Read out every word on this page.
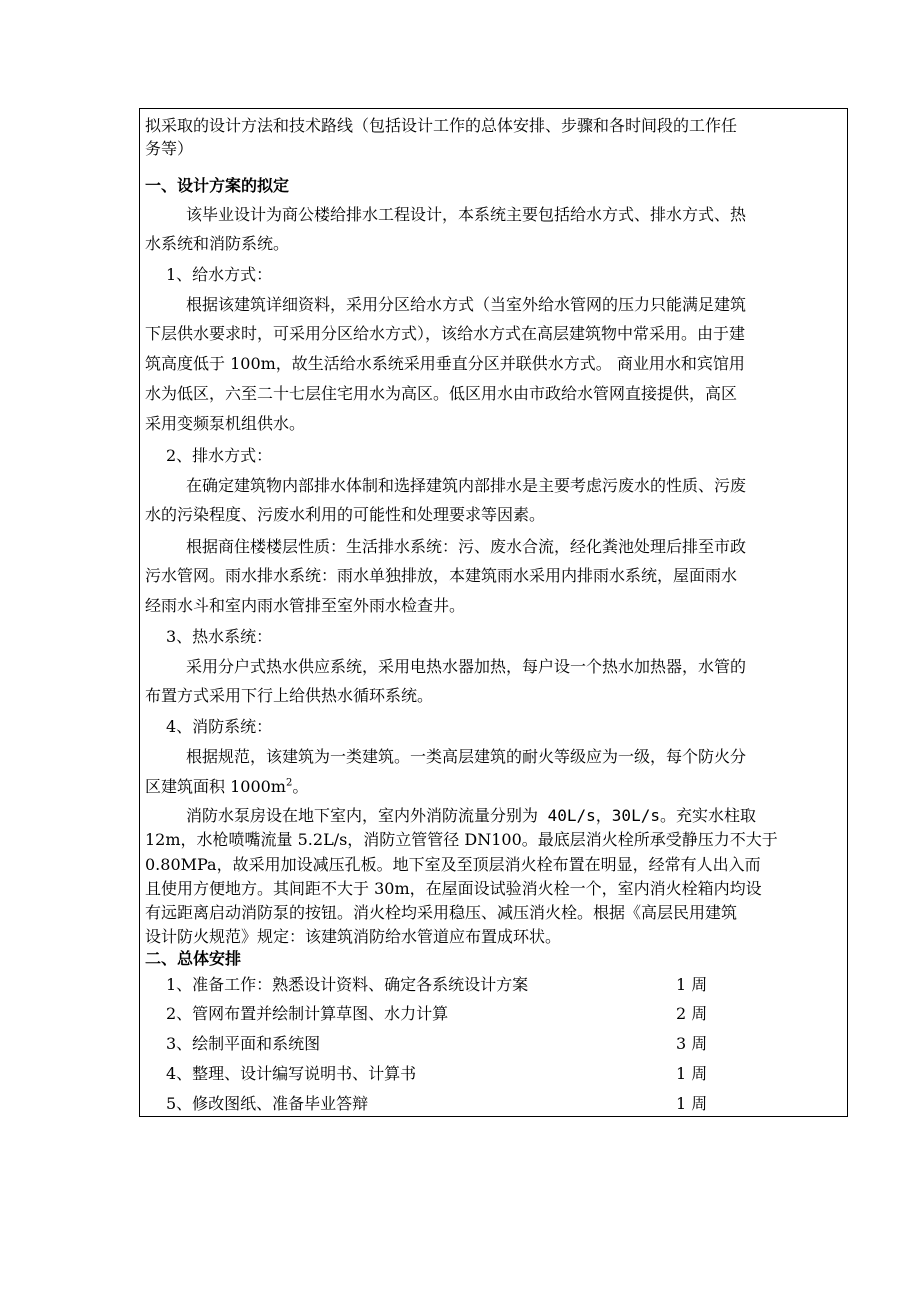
拟采取的设计方法和技术路线（包括设计工作的总体安排、步骤和各时间段的工作任
务等）
一、设计方案的拟定
该毕业设计为商公楼给排水工程设计，本系统主要包括给水方式、排水方式、热
水系统和消防系统。
1、给水方式：
根据该建筑详细资料，采用分区给水方式（当室外给水管网的压力只能满足建筑
下层供水要求时，可采用分区给水方式），该给水方式在高层建筑物中常采用。由于建
筑高度低于 100m，故生活给水系统采用垂直分区并联供水方式。 商业用水和宾馆用
水为低区，六至二十七层住宅用水为高区。低区用水由市政给水管网直接提供，高区
采用变频泵机组供水。
2、排水方式：
在确定建筑物内部排水体制和选择建筑内部排水是主要考虑污废水的性质、污废
水的污染程度、污废水利用的可能性和处理要求等因素。
根据商住楼楼层性质：生活排水系统：污、废水合流，经化粪池处理后排至市政
污水管网。雨水排水系统：雨水单独排放，本建筑雨水采用内排雨水系统，屋面雨水
经雨水斗和室内雨水管排至室外雨水检查井。
3、热水系统：
采用分户式热水供应系统，采用电热水器加热，每户设一个热水加热器，水管的
布置方式采用下行上给供热水循环系统。
4、消防系统：
根据规范，该建筑为一类建筑。一类高层建筑的耐火等级应为一级，每个防火分
区建筑面积 $1000m^2$。
消防水泵房设在地下室内，室内外消防流量分别为 40L/s，30L/s。充实水柱取
12m，水枪喷嘴流量 5.2L/s，消防立管管径 DN100。最底层消火栓所承受静压力不大于
0.80MPa，故采用加设减压孔板。地下室及至顶层消火栓布置在明显，经常有人出入而
且使用方便地方。其间距不大于 30m，在屋面设试验消火栓一个，室内消火栓箱内均设
有远距离启动消防泵的按钮。消火栓均采用稳压、减压消火栓。根据《高层民用建筑
设计防火规范》规定：该建筑消防给水管道应布置成环状。
二、总体安排
1、准备工作：熟悉设计资料、确定各系统设计方案	1 周
2、管网布置并绘制计算草图、水力计算	2 周
3、绘制平面和系统图	3 周
4、整理、设计编写说明书、计算书	1 周
5、修改图纸、准备毕业答辩	1 周
